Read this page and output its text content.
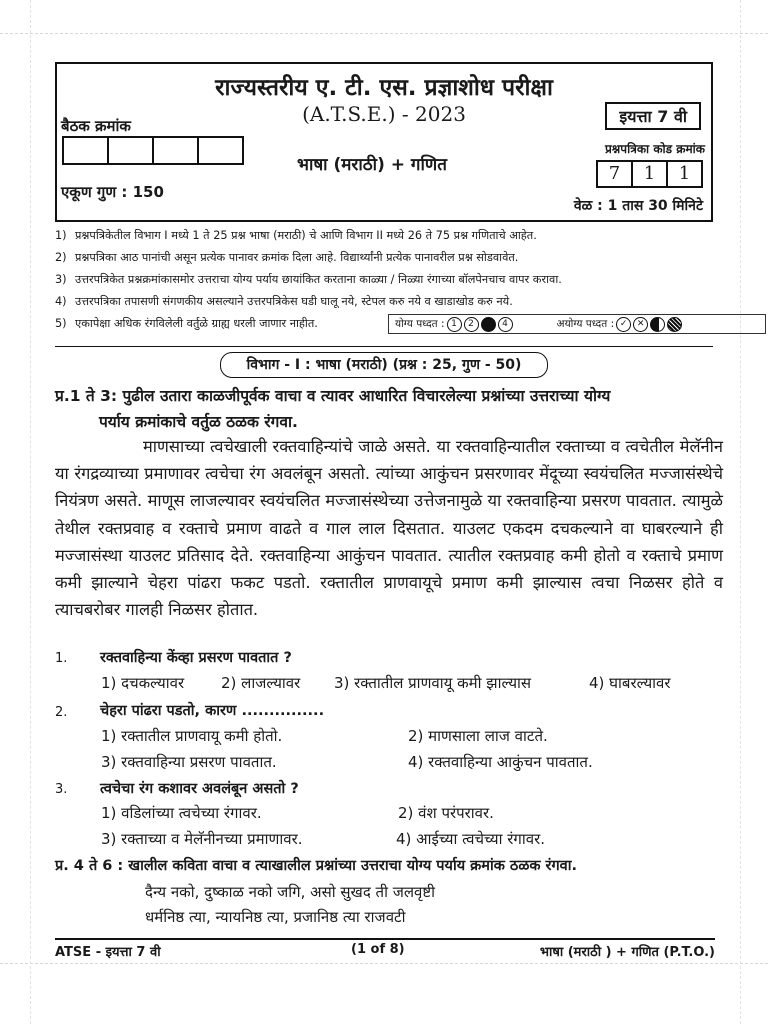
राज्यस्तरीय ए. टी. एस. प्रज्ञाशोध परीक्षा
(A.T.S.E.) - 2023
बैठक क्रमांक
एकूण गुण : 150
भाषा (मराठी) + गणित
इयत्ता 7 वी
प्रश्नपत्रिका कोड क्रमांक
7	1	1
वेळ : 1 तास 30 मिनिटे
1) प्रश्नपत्रिकेतील विभाग I मध्ये 1 ते 25 प्रश्न भाषा (मराठी) चे आणि विभाग II मध्ये 26 ते 75 प्रश्न गणिताचे आहेत.
2) प्रश्नपत्रिका आठ पानांची असून प्रत्येक पानावर क्रमांक दिला आहे. विद्यार्थ्यांनी प्रत्येक पानावरील प्रश्न सोडवावेत.
3) उत्तरपत्रिकेत प्रश्नक्रमांकासमोर उत्तराचा योग्य पर्याय छायांकित करताना काळ्या / निळ्या रंगाच्या बॉलपेनचाच वापर करावा.
4) उत्तरपत्रिका तपासणी संगणकीय असल्याने उत्तरपत्रिकेस घडी घालू नये, स्टेपल करु नये व खाडाखोड करु नये.
5) एकापेक्षा अधिक रंगविलेली वर्तुळे ग्राह्य धरली जाणार नाहीत.	योग्य पध्दत : 1	2	4	अयोग्य पध्दत : ✓	✕
विभाग - I : भाषा (मराठी) (प्रश्न : 25, गुण - 50)
प्र.1 ते 3: पुढील उतारा काळजीपूर्वक वाचा व त्यावर आधारित विचारलेल्या प्रश्नांच्या उत्तराच्या योग्य
पर्याय क्रमांकाचे वर्तुळ ठळक रंगवा.

माणसाच्या त्वचेखाली रक्तवाहिन्यांचे जाळे असते. या रक्तवाहिन्यातील रक्ताच्या व त्वचेतील मेलॅनीन या रंगद्रव्याच्या प्रमाणावर त्वचेचा रंग अवलंबून असतो. त्यांच्या आकुंचन प्रसरणावर मेंदूच्या स्वयंचलित मज्जासंस्थेचे नियंत्रण असते. माणूस लाजल्यावर स्वयंचलित मज्जासंस्थेच्या उत्तेजनामुळे या रक्तवाहिन्या प्रसरण पावतात. त्यामुळे तेथील रक्तप्रवाह व रक्ताचे प्रमाण वाढते व गाल लाल दिसतात. याउलट एकदम दचकल्याने वा घाबरल्याने ही मज्जासंस्था याउलट प्रतिसाद देते. रक्तवाहिन्या आकुंचन पावतात. त्यातील रक्तप्रवाह कमी होतो व रक्ताचे प्रमाण कमी झाल्याने चेहरा पांढरा फकट पडतो. रक्तातील प्राणवायूचे प्रमाण कमी झाल्यास त्वचा निळसर होते व त्याचबरोबर गालही निळसर होतात.

1. रक्तवाहिन्या केंव्हा प्रसरण पावतात ?
1) दचकल्यावर 2) लाजल्यावर 3) रक्तातील प्राणवायू कमी झाल्यास	4) घाबरल्यावर
2. चेहरा पांढरा पडतो, कारण ...............
1) रक्तातील प्राणवायू कमी होतो.	2) माणसाला लाज वाटते.
3) रक्तवाहिन्या प्रसरण पावतात.	4) रक्तवाहिन्या आकुंचन पावतात.
3. त्वचेचा रंग कशावर अवलंबून असतो ?
1) वडिलांच्या त्वचेच्या रंगावर.	2) वंश परंपरावर.
3) रक्ताच्या व मेलॅनीनच्या प्रमाणावर.	4) आईच्या त्वचेच्या रंगावर.
प्र. 4 ते 6 : खालील कविता वाचा व त्याखालील प्रश्नांच्या उत्तराचा योग्य पर्याय क्रमांक ठळक रंगवा.
दैन्य नको, दुष्काळ नको जगि, असो सुखद ती जलवृष्टी
धर्मनिष्ठ त्या, न्यायनिष्ठ त्या, प्रजानिष्ठ त्या राजवटी
ATSE - इयत्ता 7 वी	(1 of 8)	भाषा (मराठी ) + गणित (P.T.O.)
